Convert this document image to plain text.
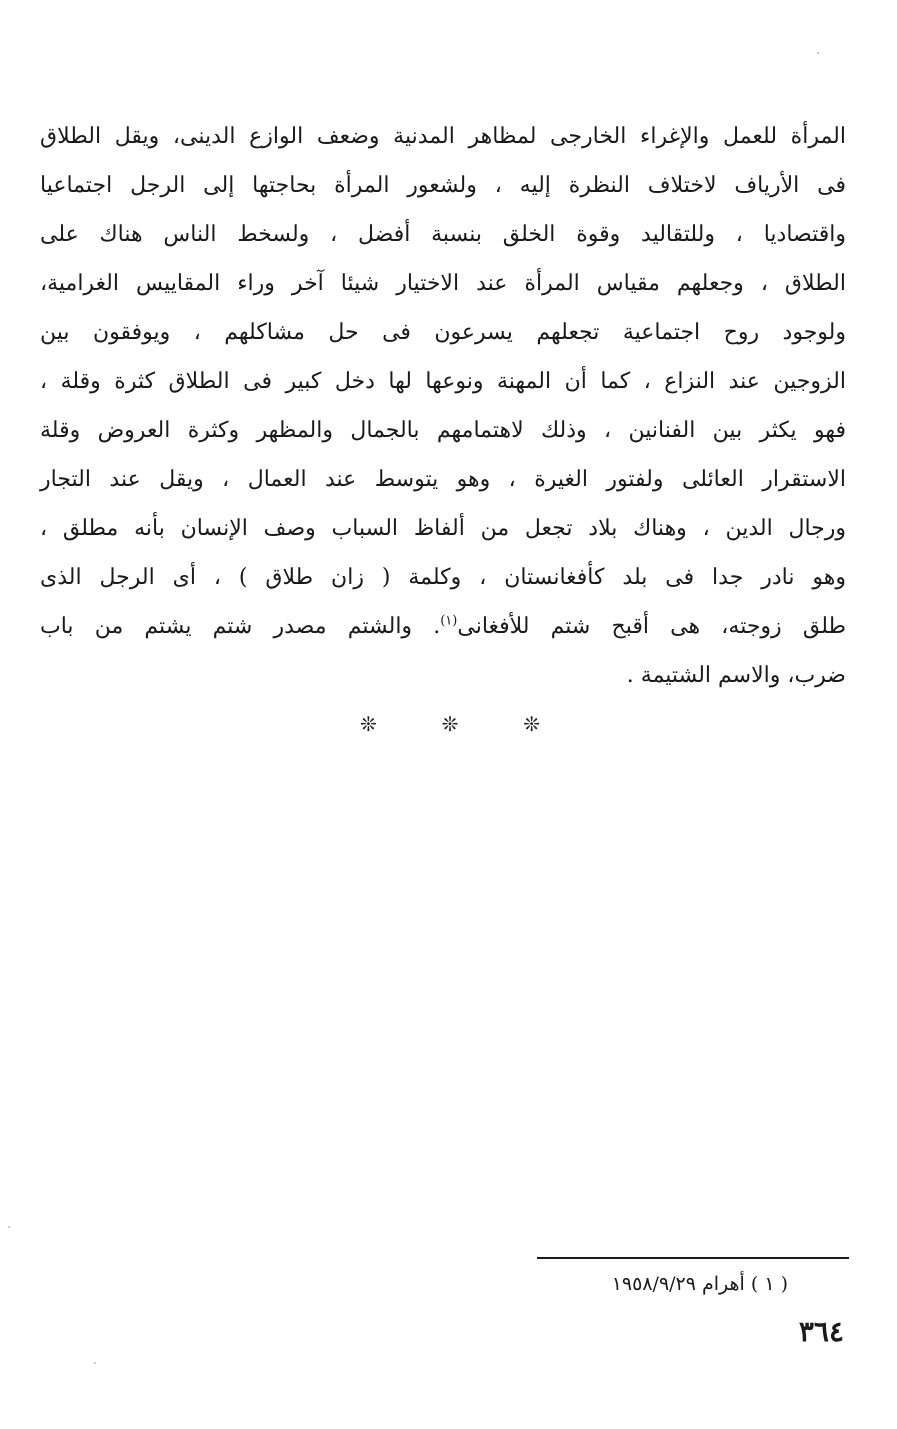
المرأة للعمل والإغراء الخارجى لمظاهر المدنية وضعف الوازع الدينى، ويقل الطلاق
فى الأرياف لاختلاف النظرة إليه ، ولشعور المرأة بحاجتها إلى الرجل اجتماعيا
واقتصاديا ، وللتقاليد وقوة الخلق بنسبة أفضل ، ولسخط الناس هناك على
الطلاق ، وجعلهم مقياس المرأة عند الاختيار شيئا آخر وراء المقاييس الغرامية،
ولوجود روح اجتماعية تجعلهم يسرعون فى حل مشاكلهم ، ويوفقون بين
الزوجين عند النزاع ، كما أن المهنة ونوعها لها دخل كبير فى الطلاق كثرة وقلة ،
فهو يكثر بين الفنانين ، وذلك لاهتمامهم بالجمال والمظهر وكثرة العروض وقلة
الاستقرار العائلى ولفتور الغيرة ، وهو يتوسط عند العمال ، ويقل عند التجار
ورجال الدين ، وهناك بلاد تجعل من ألفاظ السباب وصف الإنسان بأنه مطلق ،
وهو نادر جدا فى بلد كأفغانستان ، وكلمة ( زان طلاق ) ، أى الرجل الذى
طلق زوجته، هى أقبح شتم للأفغانى$^{(١)}$. والشتم مصدر شتم يشتم من باب
ضرب، والاسم الشتيمة .
❊	❊	❊
( ١ ) أهرام ١٩٥٨/٩/٢٩
٣٦٤
